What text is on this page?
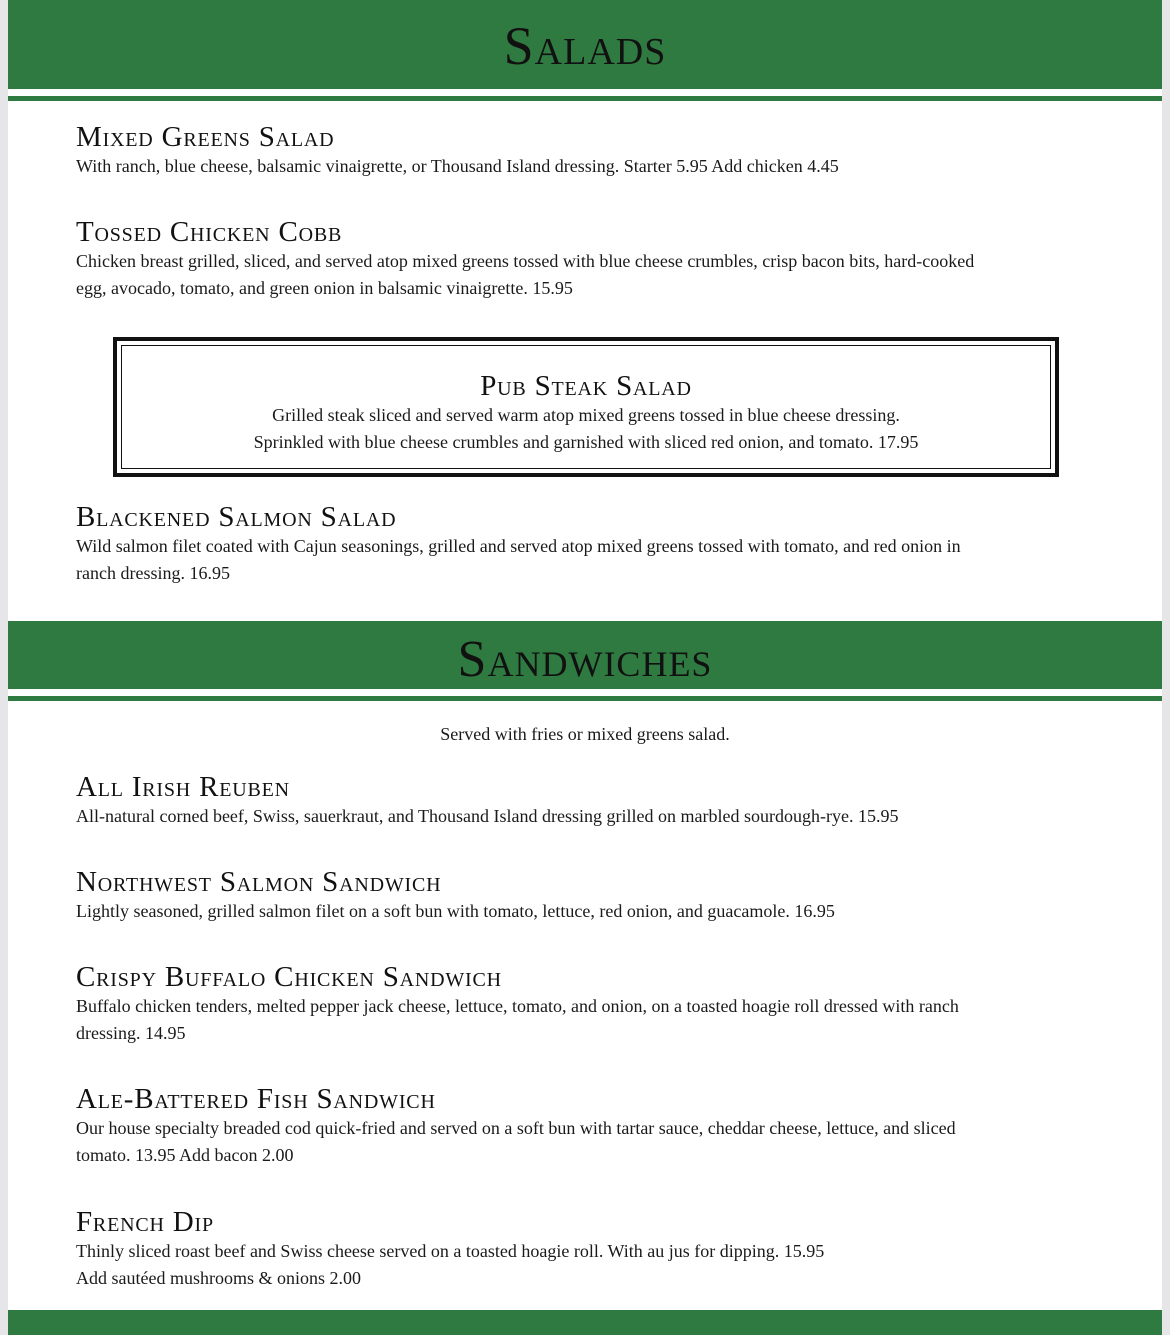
Salads

Mixed Greens Salad

With ranch, blue cheese, balsamic vinaigrette, or Thousand Island dressing. Starter 5.95 Add chicken 4.45

Tossed Chicken Cobb

Chicken breast grilled, sliced, and served atop mixed greens tossed with blue cheese crumbles, crisp bacon bits, hard-cooked

egg, avocado, tomato, and green onion in balsamic vinaigrette. 15.95

Pub Steak Salad

Grilled steak sliced and served warm atop mixed greens tossed in blue cheese dressing.

Sprinkled with blue cheese crumbles and garnished with sliced red onion, and tomato. 17.95

Blackened Salmon Salad

Wild salmon filet coated with Cajun seasonings, grilled and served atop mixed greens tossed with tomato, and red onion in

ranch dressing. 16.95

Sandwiches
Served with fries or mixed greens salad.

All Irish Reuben

All-natural corned beef, Swiss, sauerkraut, and Thousand Island dressing grilled on marbled sourdough-rye. 15.95

Northwest Salmon Sandwich

Lightly seasoned, grilled salmon filet on a soft bun with tomato, lettuce, red onion, and guacamole. 16.95

Crispy Buffalo Chicken Sandwich

Buffalo chicken tenders, melted pepper jack cheese, lettuce, tomato, and onion, on a toasted hoagie roll dressed with ranch

dressing. 14.95

Ale-Battered Fish Sandwich

Our house specialty breaded cod quick-fried and served on a soft bun with tartar sauce, cheddar cheese, lettuce, and sliced

tomato. 13.95 Add bacon 2.00

French Dip

Thinly sliced roast beef and Swiss cheese served on a toasted hoagie roll. With au jus for dipping. 15.95

Add sautéed mushrooms & onions 2.00
